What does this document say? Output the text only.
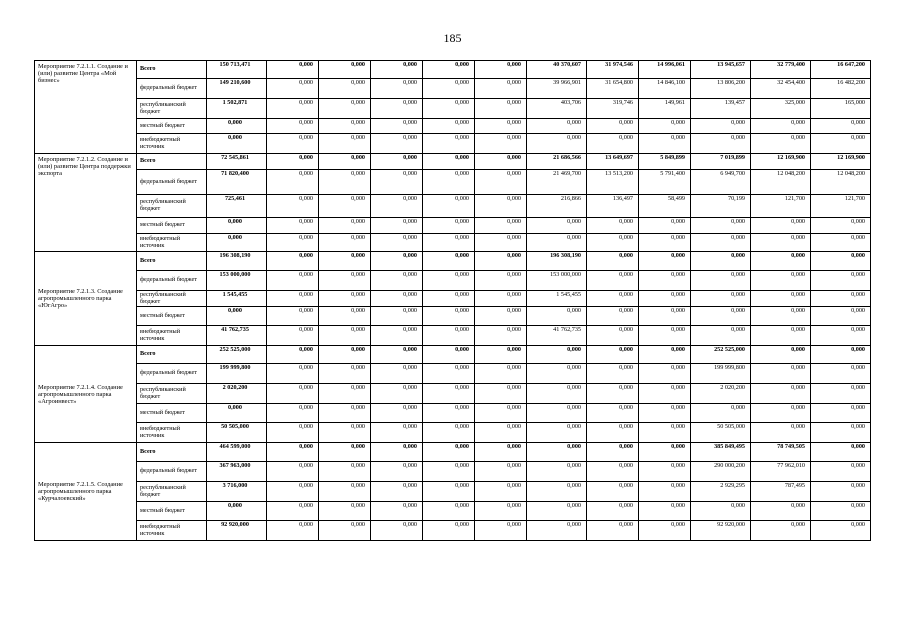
185
Мероприятие 7.2.1.1. Создание и (или) развитие Центра «Мой бизнес»	Всего	150 713,471	0,000	0,000	0,000	0,000	0,000	40 370,607	31 974,546	14 996,061	13 945,657	32 779,400	16 647,200
	федеральный бюджет	149 210,600	0,000	0,000	0,000	0,000	0,000	39 966,901	31 654,800	14 846,100	13 806,200	32 454,400	16 482,200
	республиканский бюджет	1 502,871	0,000	0,000	0,000	0,000	0,000	403,706	319,746	149,961	139,457	325,000	165,000
	местный бюджет	0,000	0,000	0,000	0,000	0,000	0,000	0,000	0,000	0,000	0,000	0,000	0,000
	внебюджетный источник	0,000	0,000	0,000	0,000	0,000	0,000	0,000	0,000	0,000	0,000	0,000	0,000
Мероприятие 7.2.1.2. Создание и (или) развитие Центра поддержки экспорта	Всего	72 545,861	0,000	0,000	0,000	0,000	0,000	21 686,566	13 649,697	5 849,899	7 019,899	12 169,900	12 169,900
	федеральный бюджет	71 820,400	0,000	0,000	0,000	0,000	0,000	21 469,700	13 513,200	5 791,400	6 949,700	12 048,200	12 048,200
	республиканский бюджет	725,461	0,000	0,000	0,000	0,000	0,000	216,866	136,497	58,499	70,199	121,700	121,700
	местный бюджет	0,000	0,000	0,000	0,000	0,000	0,000	0,000	0,000	0,000	0,000	0,000	0,000
	внебюджетный источник	0,000	0,000	0,000	0,000	0,000	0,000	0,000	0,000	0,000	0,000	0,000	0,000
Мероприятие 7.2.1.3. Создание агропромышленного парка «ЮгАгро»	Всего	196 308,190	0,000	0,000	0,000	0,000	0,000	196 308,190	0,000	0,000	0,000	0,000	0,000
	федеральный бюджет	153 000,000	0,000	0,000	0,000	0,000	0,000	153 000,000	0,000	0,000	0,000	0,000	0,000
	республиканский бюджет	1 545,455	0,000	0,000	0,000	0,000	0,000	1 545,455	0,000	0,000	0,000	0,000	0,000
	местный бюджет	0,000	0,000	0,000	0,000	0,000	0,000	0,000	0,000	0,000	0,000	0,000	0,000
	внебюджетный источник	41 762,735	0,000	0,000	0,000	0,000	0,000	41 762,735	0,000	0,000	0,000	0,000	0,000
Мероприятие 7.2.1.4. Создание агропромышленного парка «Агроинвест»	Всего	252 525,000	0,000	0,000	0,000	0,000	0,000	0,000	0,000	0,000	252 525,000	0,000	0,000
	федеральный бюджет	199 999,800	0,000	0,000	0,000	0,000	0,000	0,000	0,000	0,000	199 999,800	0,000	0,000
	республиканский бюджет	2 020,200	0,000	0,000	0,000	0,000	0,000	0,000	0,000	0,000	2 020,200	0,000	0,000
	местный бюджет	0,000	0,000	0,000	0,000	0,000	0,000	0,000	0,000	0,000	0,000	0,000	0,000
	внебюджетный источник	50 505,000	0,000	0,000	0,000	0,000	0,000	0,000	0,000	0,000	50 505,000	0,000	0,000
Мероприятие 7.2.1.5. Создание агропромышленного парка «Курчалоевский»	Всего	464 599,000	0,000	0,000	0,000	0,000	0,000	0,000	0,000	0,000	385 849,495	78 749,505	0,000
	федеральный бюджет	367 963,000	0,000	0,000	0,000	0,000	0,000	0,000	0,000	0,000	290 000,200	77 962,010	0,000
	республиканский бюджет	3 716,000	0,000	0,000	0,000	0,000	0,000	0,000	0,000	0,000	2 929,295	787,495	0,000
	местный бюджет	0,000	0,000	0,000	0,000	0,000	0,000	0,000	0,000	0,000	0,000	0,000	0,000
	внебюджетный источник	92 920,000	0,000	0,000	0,000	0,000	0,000	0,000	0,000	0,000	92 920,000	0,000	0,000
